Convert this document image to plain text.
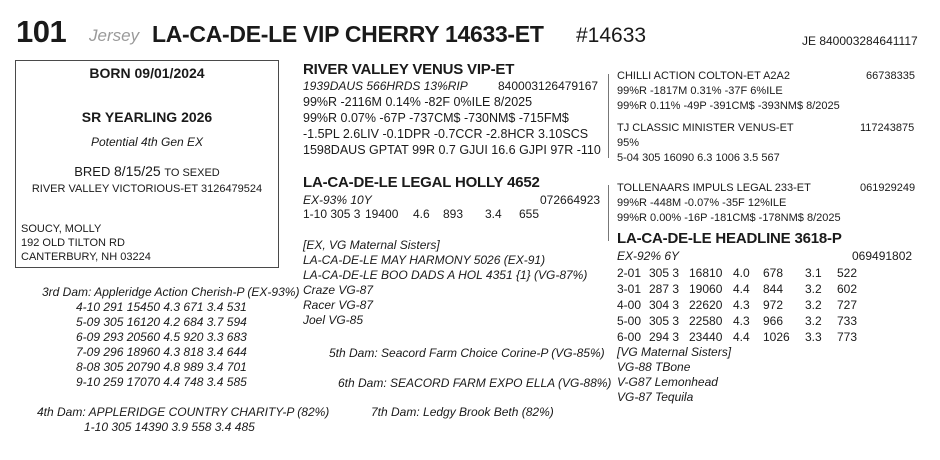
101 Jersey LA-CA-DE-LE VIP CHERRY 14633-ET #14633	JE 840003284641117
BORN 09/01/2024
SR YEARLING 2026
Potential 4th Gen EX
BRED 8/15/25 TO SEXED
RIVER VALLEY VICTORIOUS-ET 3126479524
SOUCY, MOLLY
192 OLD TILTON RD
CANTERBURY, NH 03224
RIVER VALLEY VENUS VIP-ET
1939DAUS 566HRDS 13%RIP	840003126479167
99%R -2116M 0.14% -82F 0%ILE 8/2025
99%R 0.07% -67P -737CM$ -730NM$ -715FM$
-1.5PL 2.6LIV -0.1DPR -0.7CCR -2.8HCR 3.10SCS
1598DAUS GPTAT 99R 0.7 GJUI 16.6 GJPI 97R -110
CHILLI ACTION COLTON-ET A2A2	66738335
99%R -1817M 0.31% -37F 6%ILE
99%R 0.11% -49P -391CM$ -393NM$ 8/2025
TJ CLASSIC MINISTER VENUS-ET	117243875
95%
5-04 305 16090 6.3 1006 3.5 567
LA-CA-DE-LE LEGAL HOLLY 4652
EX-93% 10Y	072664923
1-10 305 3 19400 4.6 893 3.4 655
[EX, VG Maternal Sisters]
LA-CA-DE-LE MAY HARMONY 5026 (EX-91)
LA-CA-DE-LE BOO DADS A HOL 4351 {1} (VG-87%)
Craze VG-87
Racer VG-87
Joel VG-85
TOLLENAARS IMPULS LEGAL 233-ET	061929249
99%R -448M -0.07% -35F 12%ILE
99%R 0.00% -16P -181CM$ -178NM$ 8/2025
LA-CA-DE-LE HEADLINE 3618-P
EX-92% 6Y	069491802
2-01 305 3 16810 4.0 678 3.1 522
3-01 287 3 19060 4.4 844 3.2 602
4-00 304 3 22620 4.3 972 3.2 727
5-00 305 3 22580 4.3 966 3.2 733
6-00 294 3 23440 4.4 1026 3.3 773
[VG Maternal Sisters]
VG-88 TBone
V-G87 Lemonhead
VG-87 Tequila
3rd Dam: Appleridge Action Cherish-P (EX-93%)
4-10 291 15450 4.3 671 3.4 531
5-09 305 16120 4.2 684 3.7 594
6-09 293 20560 4.5 920 3.3 683
7-09 296 18960 4.3 818 3.4 644
8-08 305 20790 4.8 989 3.4 701
9-10 259 17070 4.4 748 3.4 585
4th Dam: APPLERIDGE COUNTRY CHARITY-P (82%)
1-10 305 14390 3.9 558 3.4 485
5th Dam: Seacord Farm Choice Corine-P (VG-85%)
6th Dam: SEACORD FARM EXPO ELLA (VG-88%)
7th Dam: Ledgy Brook Beth (82%)
